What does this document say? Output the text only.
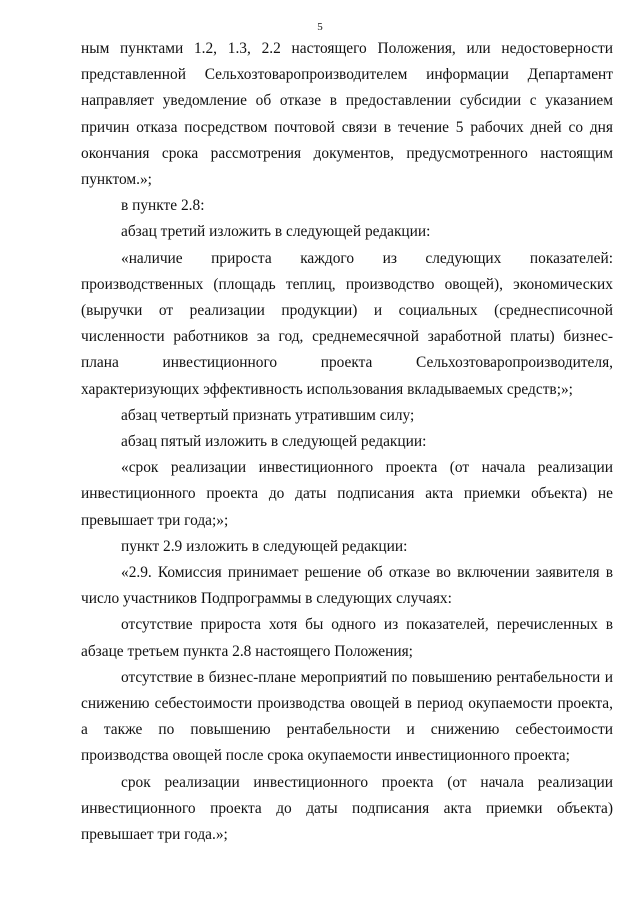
5

ным пунктами 1.2, 1.3, 2.2 настоящего Положения, или недостоверности представленной Сельхозтоваропроизводителем информации Департамент направляет уведомление об отказе в предоставлении субсидии с указанием причин отказа посредством почтовой связи в течение 5 рабочих дней со дня окончания срока рассмотрения документов, предусмотренного настоящим пунктом.»;

в пункте 2.8:

абзац третий изложить в следующей редакции:

«наличие прироста каждого из следующих показателей: производственных (площадь теплиц, производство овощей), экономических (выручки от реализации продукции) и социальных (среднесписочной численности работников за год, среднемесячной заработной платы) бизнес-плана инвестиционного проекта Сельхозтоваропроизводителя, характеризующих эффективность использования вкладываемых средств;»;

абзац четвертый признать утратившим силу;

абзац пятый изложить в следующей редакции:

«срок реализации инвестиционного проекта (от начала реализации инвестиционного проекта до даты подписания акта приемки объекта) не превышает три года;»;

пункт 2.9 изложить в следующей редакции:

«2.9. Комиссия принимает решение об отказе во включении заявителя в число участников Подпрограммы в следующих случаях:

отсутствие прироста хотя бы одного из показателей, перечисленных в абзаце третьем пункта 2.8 настоящего Положения;

отсутствие в бизнес-плане мероприятий по повышению рентабельности и снижению себестоимости производства овощей в период окупаемости проекта, а также по повышению рентабельности и снижению себестоимости производства овощей после срока окупаемости инвестиционного проекта;

срок реализации инвестиционного проекта (от начала реализации инвестиционного проекта до даты подписания акта приемки объекта) превышает три года.»;
